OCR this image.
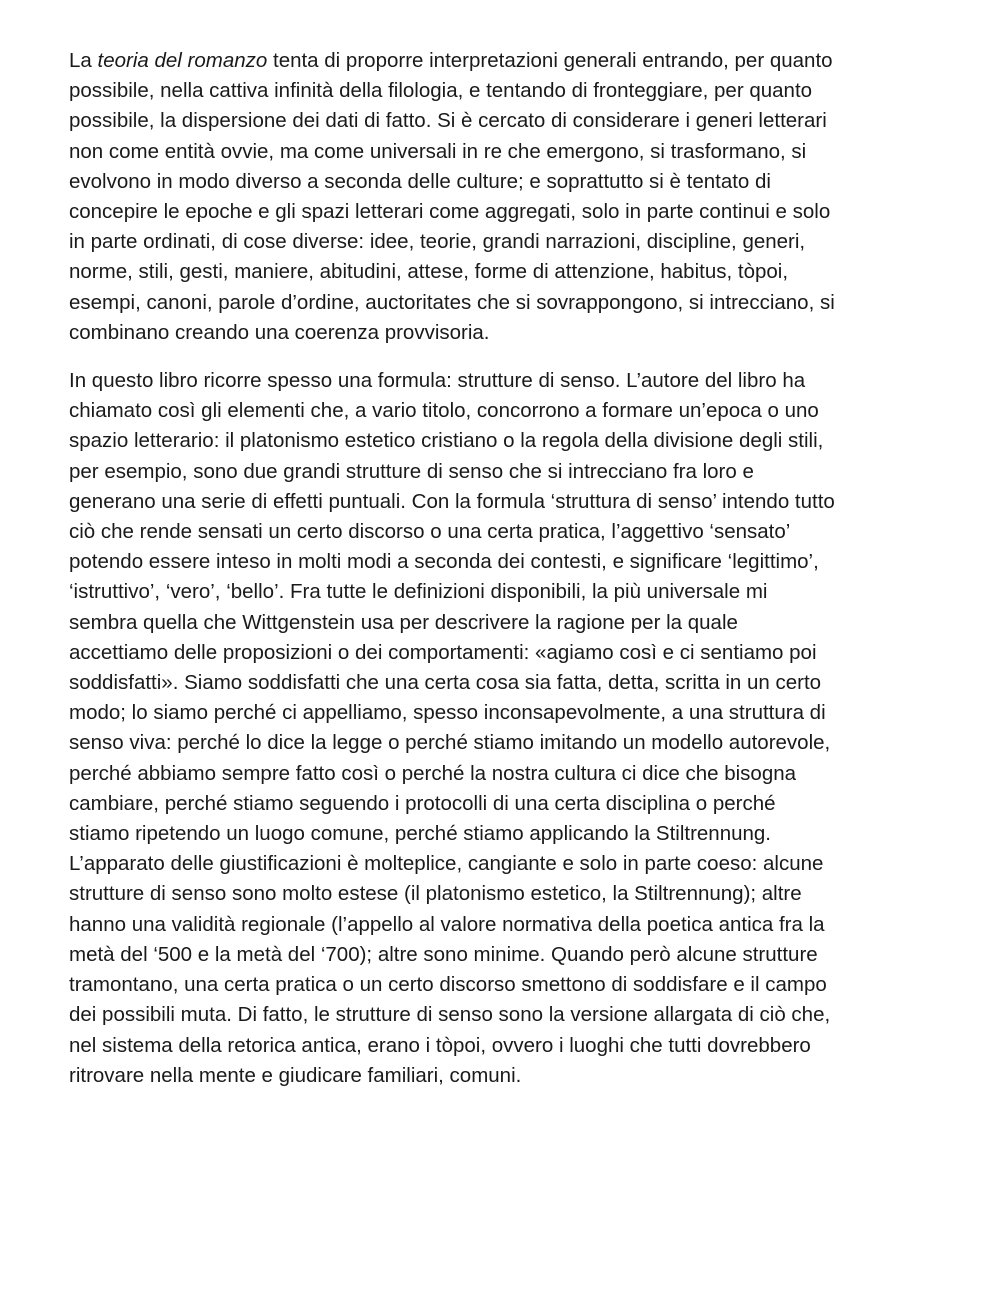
La teoria del romanzo tenta di proporre interpretazioni generali entrando, per quanto
possibile, nella cattiva infinità della filologia, e tentando di fronteggiare, per quanto
possibile, la dispersione dei dati di fatto. Si è cercato di considerare i generi letterari
non come entità ovvie, ma come universali in re che emergono, si trasformano, si
evolvono in modo diverso a seconda delle culture; e soprattutto si è tentato di
concepire le epoche e gli spazi letterari come aggregati, solo in parte continui e solo
in parte ordinati, di cose diverse: idee, teorie, grandi narrazioni, discipline, generi,
norme, stili, gesti, maniere, abitudini, attese, forme di attenzione, habitus, tòpoi,
esempi, canoni, parole d’ordine, auctoritates che si sovrappongono, si intrecciano, si
combinano creando una coerenza provvisoria.
In questo libro ricorre spesso una formula: strutture di senso. L’autore del libro ha
chiamato così gli elementi che, a vario titolo, concorrono a formare un’epoca o uno
spazio letterario: il platonismo estetico cristiano o la regola della divisione degli stili,
per esempio, sono due grandi strutture di senso che si intrecciano fra loro e
generano una serie di effetti puntuali. Con la formula ‘struttura di senso’ intendo tutto
ciò che rende sensati un certo discorso o una certa pratica, l’aggettivo ‘sensato’
potendo essere inteso in molti modi a seconda dei contesti, e significare ‘legittimo’,
‘istruttivo’, ‘vero’, ‘bello’. Fra tutte le definizioni disponibili, la più universale mi
sembra quella che Wittgenstein usa per descrivere la ragione per la quale
accettiamo delle proposizioni o dei comportamenti: «agiamo così e ci sentiamo poi
soddisfatti». Siamo soddisfatti che una certa cosa sia fatta, detta, scritta in un certo
modo; lo siamo perché ci appelliamo, spesso inconsapevolmente, a una struttura di
senso viva: perché lo dice la legge o perché stiamo imitando un modello autorevole,
perché abbiamo sempre fatto così o perché la nostra cultura ci dice che bisogna
cambiare, perché stiamo seguendo i protocolli di una certa disciplina o perché
stiamo ripetendo un luogo comune, perché stiamo applicando la Stiltrennung.
L’apparato delle giustificazioni è molteplice, cangiante e solo in parte coeso: alcune
strutture di senso sono molto estese (il platonismo estetico, la Stiltrennung); altre
hanno una validità regionale (l’appello al valore normativa della poetica antica fra la
metà del ‘500 e la metà del ‘700); altre sono minime. Quando però alcune strutture
tramontano, una certa pratica o un certo discorso smettono di soddisfare e il campo
dei possibili muta. Di fatto, le strutture di senso sono la versione allargata di ciò che,
nel sistema della retorica antica, erano i tòpoi, ovvero i luoghi che tutti dovrebbero
ritrovare nella mente e giudicare familiari, comuni.
